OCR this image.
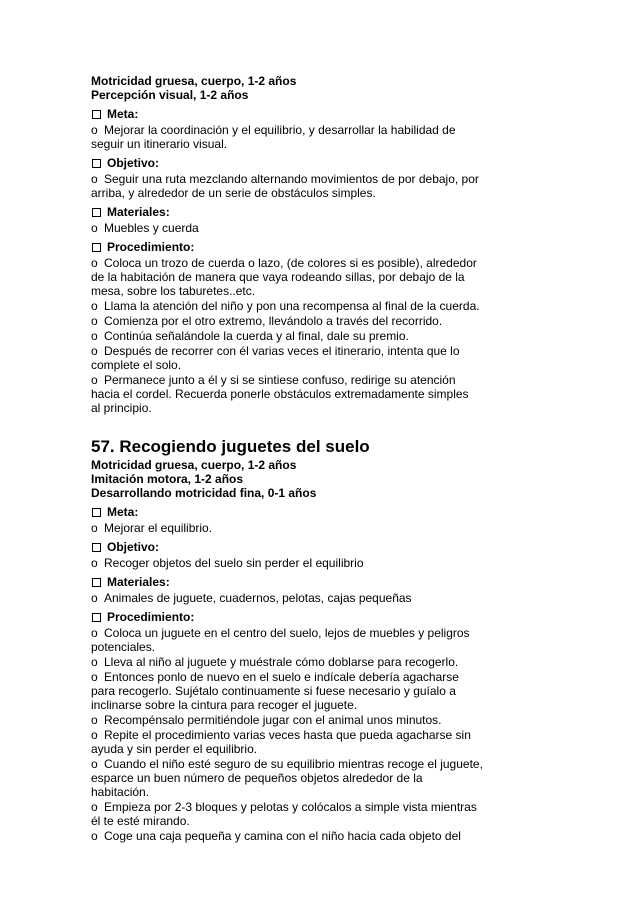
Motricidad gruesa, cuerpo, 1-2 años
Percepción visual, 1-2 años
Meta:
o Mejorar la coordinación y el equilibrio, y desarrollar la habilidad de
seguir un itinerario visual.
Objetivo:
o Seguir una ruta mezclando alternando movimientos de por debajo, por
arriba, y alrededor de un serie de obstáculos simples.
Materiales:
o Muebles y cuerda
Procedimiento:
o Coloca un trozo de cuerda o lazo, (de colores si es posible), alrededor
de la habitación de manera que vaya rodeando sillas, por debajo de la
mesa, sobre los taburetes..etc.
o Llama la atención del niño y pon una recompensa al final de la cuerda.
o Comienza por el otro extremo, llevándolo a través del recorrido.
o Continúa señalándole la cuerda y al final, dale su premio.
o Después de recorrer con él varias veces el itinerario, intenta que lo
complete el solo.
o Permanece junto a él y si se sintiese confuso, redirige su atención
hacia el cordel. Recuerda ponerle obstáculos extremadamente simples
al principio.
57. Recogiendo juguetes del suelo
Motricidad gruesa, cuerpo, 1-2 años
Imitación motora, 1-2 años
Desarrollando motricidad fina, 0-1 años
Meta:
o Mejorar el equilibrio.
Objetivo:
o Recoger objetos del suelo sin perder el equilibrio
Materiales:
o Animales de juguete, cuadernos, pelotas, cajas pequeñas
Procedimiento:
o Coloca un juguete en el centro del suelo, lejos de muebles y peligros
potenciales.
o Lleva al niño al juguete y muéstrale cómo doblarse para recogerlo.
o Entonces ponlo de nuevo en el suelo e indícale debería agacharse
para recogerlo. Sujétalo continuamente si fuese necesario y guíalo a
inclinarse sobre la cintura para recoger el juguete.
o Recompénsalo permitiéndole jugar con el animal unos minutos.
o Repite el procedimiento varias veces hasta que pueda agacharse sin
ayuda y sin perder el equilibrio.
o Cuando el niño esté seguro de su equilibrio mientras recoge el juguete,
esparce un buen número de pequeños objetos alrededor de la
habitación.
o Empieza por 2-3 bloques y pelotas y colócalos a simple vista mientras
él te esté mirando.
o Coge una caja pequeña y camina con el niño hacia cada objeto del
